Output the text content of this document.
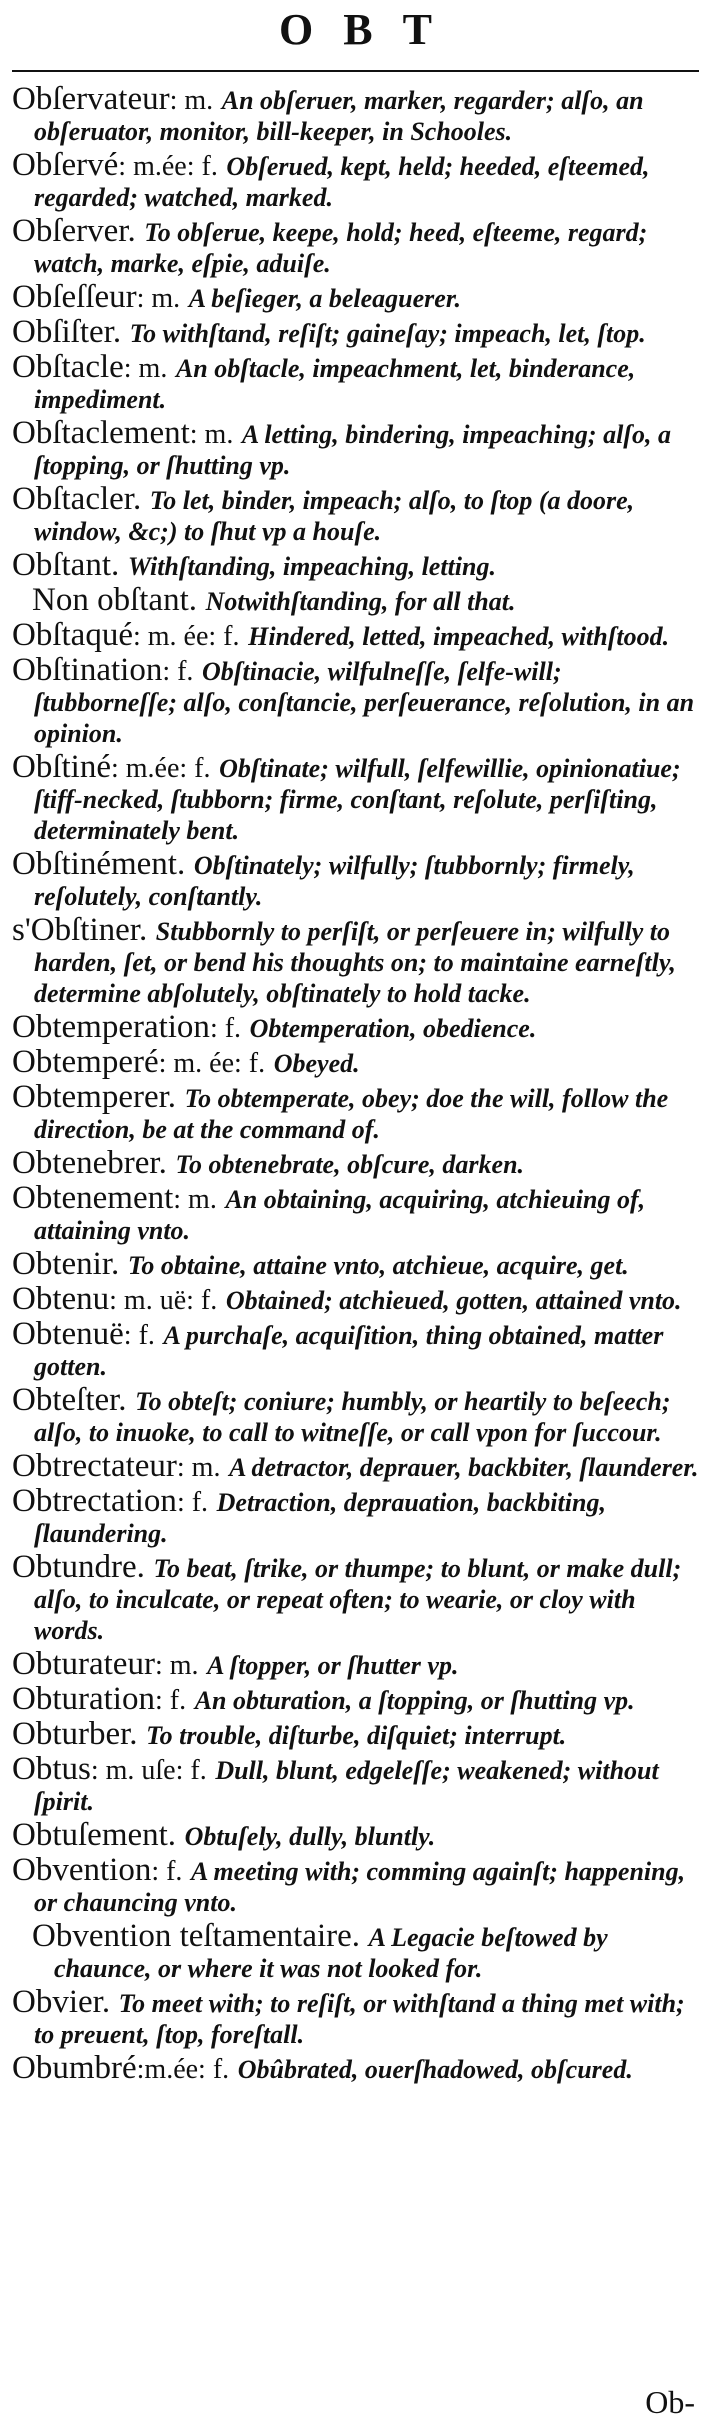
OBT

Obſervateur: m. An obſeruer, marker, regarder; alſo, an obſeruator, monitor, bill-keeper, in Schooles.

Obſervé: m.ée: f. Obſerued, kept, held; heeded, eſteemed, regarded; watched, marked.

Obſerver. To obſerue, keepe, hold; heed, eſteeme, regard; watch, marke, eſpie, aduiſe.

Obſeſſeur: m. A beſieger, a beleaguerer.

Obſiſter. To withſtand, reſiſt; gaineſay; impeach, let, ſtop.

Obſtacle: m. An obſtacle, impeachment, let, binderance, impediment.

Obſtaclement: m. A letting, bindering, impeaching; alſo, a ſtopping, or ſhutting vp.

Obſtacler. To let, binder, impeach; alſo, to ſtop (a doore, window, &c;) to ſhut vp a houſe.

Obſtant. Withſtanding, impeaching, letting.

Non obſtant. Notwithſtanding, for all that.

Obſtaqué: m. ée: f. Hindered, letted, impeached, withſtood.

Obſtination: f. Obſtinacie, wilfulneſſe, ſelfe-will; ſtubborneſſe; alſo, conſtancie, perſeuerance, reſolution, in an opinion.

Obſtiné: m.ée: f. Obſtinate; wilfull, ſelfewillie, opinionatiue; ſtiff-necked, ſtubborn; firme, conſtant, reſolute, perſiſting, determinately bent.

Obſtinément. Obſtinately; wilfully; ſtubbornly; firmely, reſolutely, conſtantly.

s'Obſtiner. Stubbornly to perſiſt, or perſeuere in; wilfully to harden, ſet, or bend his thoughts on; to maintaine earneſtly, determine abſolutely, obſtinately to hold tacke.

Obtemperation: f. Obtemperation, obedience.

Obtemperé: m. ée: f. Obeyed.

Obtemperer. To obtemperate, obey; doe the will, follow the direction, be at the command of.

Obtenebrer. To obtenebrate, obſcure, darken.

Obtenement: m. An obtaining, acquiring, atchieuing of, attaining vnto.

Obtenir. To obtaine, attaine vnto, atchieue, acquire, get.

Obtenu: m. uë: f. Obtained; atchieued, gotten, attained vnto.

Obtenuë: f. A purchaſe, acquiſition, thing obtained, matter gotten.

Obteſter. To obteſt; coniure; humbly, or heartily to beſeech; alſo, to inuoke, to call to witneſſe, or call vpon for ſuccour.

Obtrectateur: m. A detractor, deprauer, backbiter, ſlaunderer.

Obtrectation: f. Detraction, deprauation, backbiting, ſlaundering.

Obtundre. To beat, ſtrike, or thumpe; to blunt, or make dull; alſo, to inculcate, or repeat often; to wearie, or cloy with words.

Obturateur: m. A ſtopper, or ſhutter vp.

Obturation: f. An obturation, a ſtopping, or ſhutting vp.

Obturber. To trouble, diſturbe, diſquiet; interrupt.

Obtus: m. uſe: f. Dull, blunt, edgeleſſe; weakened; without ſpirit.

Obtuſement. Obtuſely, dully, bluntly.

Obvention: f. A meeting with; comming againſt; happening, or chauncing vnto.

Obvention teſtamentaire. A Legacie beſtowed by chaunce, or where it was not looked for.

Obvier. To meet with; to reſiſt, or withſtand a thing met with; to preuent, ſtop, foreſtall.

Obumbré:m.ée: f. Obûbrated, ouerſhadowed, obſcured.

Ob-
